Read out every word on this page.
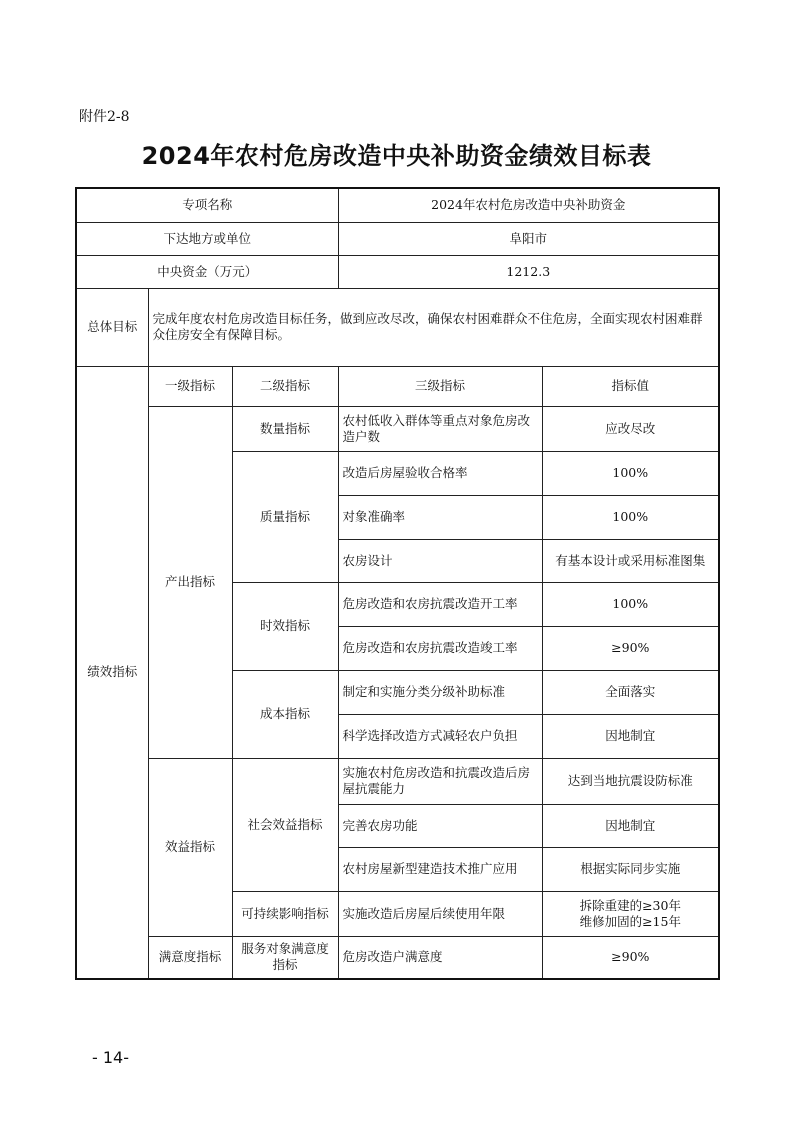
附件2-8
2024年农村危房改造中央补助资金绩效目标表
专项名称			2024年农村危房改造中央补助资金	
下达地方或单位			阜阳市	
中央资金（万元）			1212.3	
总体目标	完成年度农村危房改造目标任务，做到应改尽改，确保农村困难群众不住危房，全面实现农村困难群众住房安全有保障目标。			
绩效指标	一级指标	二级指标	三级指标	指标值
	产出指标	数量指标	农村低收入群体等重点对象危房改造户数	应改尽改
		质量指标	改造后房屋验收合格率	100%
			对象准确率	100%
			农房设计	有基本设计或采用标准图集
		时效指标	危房改造和农房抗震改造开工率	100%
			危房改造和农房抗震改造竣工率	≥90%
		成本指标	制定和实施分类分级补助标准	全面落实
			科学选择改造方式减轻农户负担	因地制宜
	效益指标	社会效益指标	实施农村危房改造和抗震改造后房屋抗震能力	达到当地抗震设防标准
			完善农房功能	因地制宜
			农村房屋新型建造技术推广应用	根据实际同步实施
		可持续影响指标	实施改造后房屋后续使用年限	拆除重建的≥30年
维修加固的≥15年

	满意度指标	服务对象满意度指标	危房改造户满意度	≥90%
- 14-
